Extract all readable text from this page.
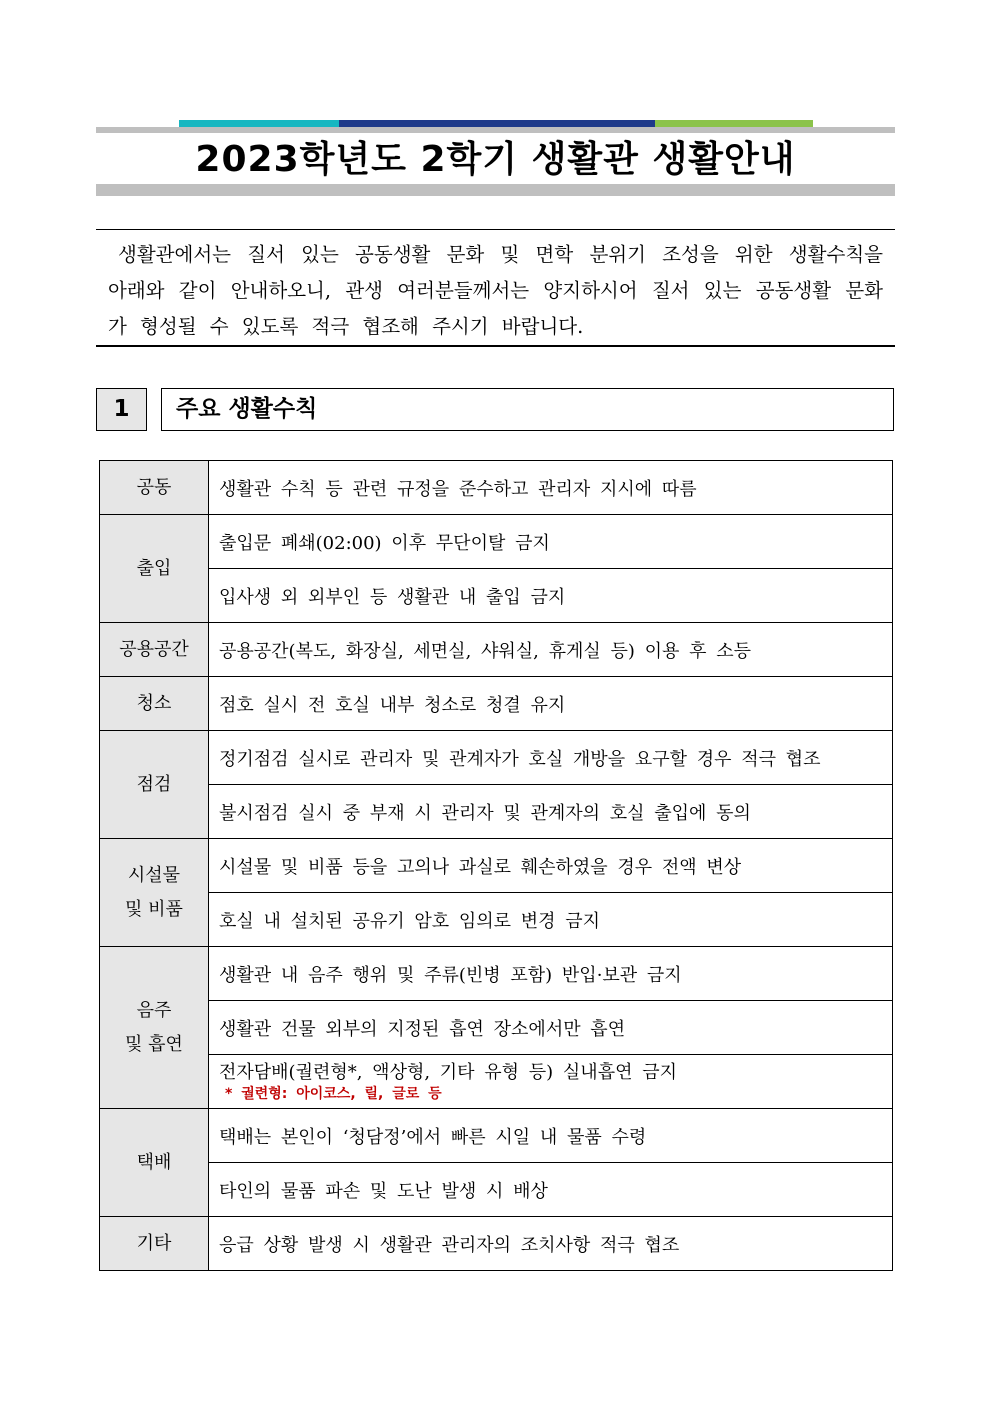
2023학년도 2학기 생활관 생활안내
생활관에서는 질서 있는 공동생활 문화 및 면학 분위기 조성을 위한 생활수칙을 아래와 같이 안내하오니, 관생 여러분들께서는 양지하시어 질서 있는 공동생활 문화가 형성될 수 있도록 적극 협조해 주시기 바랍니다.
1	주요 생활수칙
공동	생활관 수칙 등 관련 규정을 준수하고 관리자 지시에 따름
출입	출입문 폐쇄(02:00) 이후 무단이탈 금지
	입사생 외 외부인 등 생활관 내 출입 금지
공용공간	공용공간(복도, 화장실, 세면실, 샤워실, 휴게실 등) 이용 후 소등
청소	점호 실시 전 호실 내부 청소로 청결 유지
점검	정기점검 실시로 관리자 및 관계자가 호실 개방을 요구할 경우 적극 협조
	불시점검 실시 중 부재 시 관리자 및 관계자의 호실 출입에 동의

시설물
및 비품	시설물 및 비품 등을 고의나 과실로 훼손하였을 경우 전액 변상
	호실 내 설치된 공유기 암호 임의로 변경 금지

음주
및 흡연	생활관 내 음주 행위 및 주류(빈병 포함) 반입·보관 금지
	생활관 건물 외부의 지정된 흡연 장소에서만 흡연

	전자담배(궐련형*, 액상형, 기타 유형 등) 실내흡연 금지
* 궐련형: 아이코스, 릴, 글로 등

택배	택배는 본인이 ‘청담정’에서 빠른 시일 내 물품 수령
	타인의 물품 파손 및 도난 발생 시 배상
기타	응급 상황 발생 시 생활관 관리자의 조치사항 적극 협조
